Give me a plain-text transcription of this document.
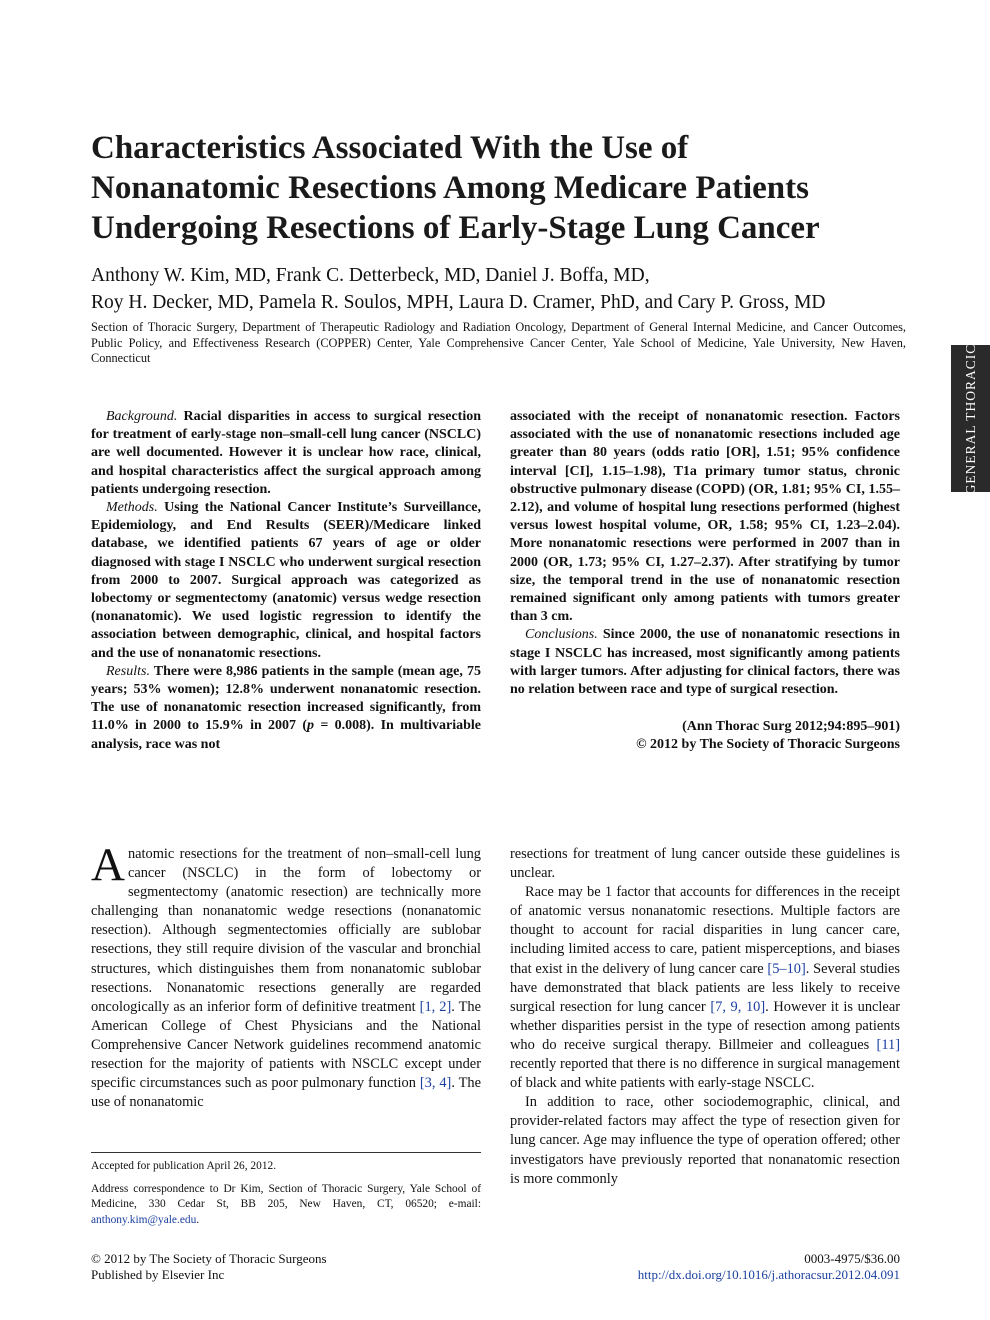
Characteristics Associated With the Use of
Nonanatomic Resections Among Medicare Patients
Undergoing Resections of Early-Stage Lung Cancer
Anthony W. Kim, MD, Frank C. Detterbeck, MD, Daniel J. Boffa, MD,
Roy H. Decker, MD, Pamela R. Soulos, MPH, Laura D. Cramer, PhD, and Cary P. Gross, MD
Section of Thoracic Surgery, Department of Therapeutic Radiology and Radiation Oncology, Department of General Internal Medicine, and Cancer Outcomes, Public Policy, and Effectiveness Research (COPPER) Center, Yale Comprehensive Cancer Center, Yale School of Medicine, Yale University, New Haven, Connecticut	GENERAL THORACIC

Background. Racial disparities in access to surgical resection for treatment of early-stage non–small-cell lung cancer (NSCLC) are well documented. However it is unclear how race, clinical, and hospital characteristics affect the surgical approach among patients undergoing resection.

Methods. Using the National Cancer Institute’s Surveillance, Epidemiology, and End Results (SEER)/Medicare linked database, we identified patients 67 years of age or older diagnosed with stage I NSCLC who underwent surgical resection from 2000 to 2007. Surgical approach was categorized as lobectomy or segmentectomy (anatomic) versus wedge resection (nonanatomic). We used logistic regression to identify the association between demographic, clinical, and hospital factors and the use of nonanatomic resections.

Results. There were 8,986 patients in the sample (mean age, 75 years; 53% women); 12.8% underwent nonanatomic resection. The use of nonanatomic resection increased significantly, from 11.0% in 2000 to 15.9% in 2007 (p = 0.008). In multivariable analysis, race was not

associated with the receipt of nonanatomic resection. Factors associated with the use of nonanatomic resections included age greater than 80 years (odds ratio [OR], 1.51; 95% confidence interval [CI], 1.15–1.98), T1a primary tumor status, chronic obstructive pulmonary disease (COPD) (OR, 1.81; 95% CI, 1.55–2.12), and volume of hospital lung resections performed (highest versus lowest hospital volume, OR, 1.58; 95% CI, 1.23–2.04). More nonanatomic resections were performed in 2007 than in 2000 (OR, 1.73; 95% CI, 1.27–2.37). After stratifying by tumor size, the temporal trend in the use of nonanatomic resection remained significant only among patients with tumors greater than 3 cm.

Conclusions. Since 2000, the use of nonanatomic resections in stage I NSCLC has increased, most significantly among patients with larger tumors. After adjusting for clinical factors, there was no relation between race and type of surgical resection.

(Ann Thorac Surg 2012;94:895–901)
© 2012 by The Society of Thoracic Surgeons

Anatomic resections for the treatment of non–small-cell lung cancer (NSCLC) in the form of lobectomy or segmentectomy (anatomic resection) are technically more challenging than nonanatomic wedge resections (nonanatomic resection). Although segmentectomies officially are sublobar resections, they still require division of the vascular and bronchial structures, which distinguishes them from nonanatomic sublobar resections. Nonanatomic resections generally are regarded oncologically as an inferior form of definitive treatment [1, 2]. The American College of Chest Physicians and the National Comprehensive Cancer Network guidelines recommend anatomic resection for the majority of patients with NSCLC except under specific circumstances such as poor pulmonary function [3, 4]. The use of nonanatomic

resections for treatment of lung cancer outside these guidelines is unclear.

Race may be 1 factor that accounts for differences in the receipt of anatomic versus nonanatomic resections. Multiple factors are thought to account for racial disparities in lung cancer care, including limited access to care, patient misperceptions, and biases that exist in the delivery of lung cancer care [5–10]. Several studies have demonstrated that black patients are less likely to receive surgical resection for lung cancer [7, 9, 10]. However it is unclear whether disparities persist in the type of resection among patients who do receive surgical therapy. Billmeier and colleagues [11] recently reported that there is no difference in surgical management of black and white patients with early-stage NSCLC.

In addition to race, other sociodemographic, clinical, and provider-related factors may affect the type of resection given for lung cancer. Age may influence the type of operation offered; other investigators have previously reported that nonanatomic resection is more commonly

Accepted for publication April 26, 2012.
Address correspondence to Dr Kim, Section of Thoracic Surgery, Yale School of Medicine, 330 Cedar St, BB 205, New Haven, CT, 06520; e-mail: anthony.kim@yale.edu.
© 2012 by The Society of Thoracic Surgeons
Published by Elsevier Inc
0003-4975/$36.00
http://dx.doi.org/10.1016/j.athoracsur.2012.04.091
